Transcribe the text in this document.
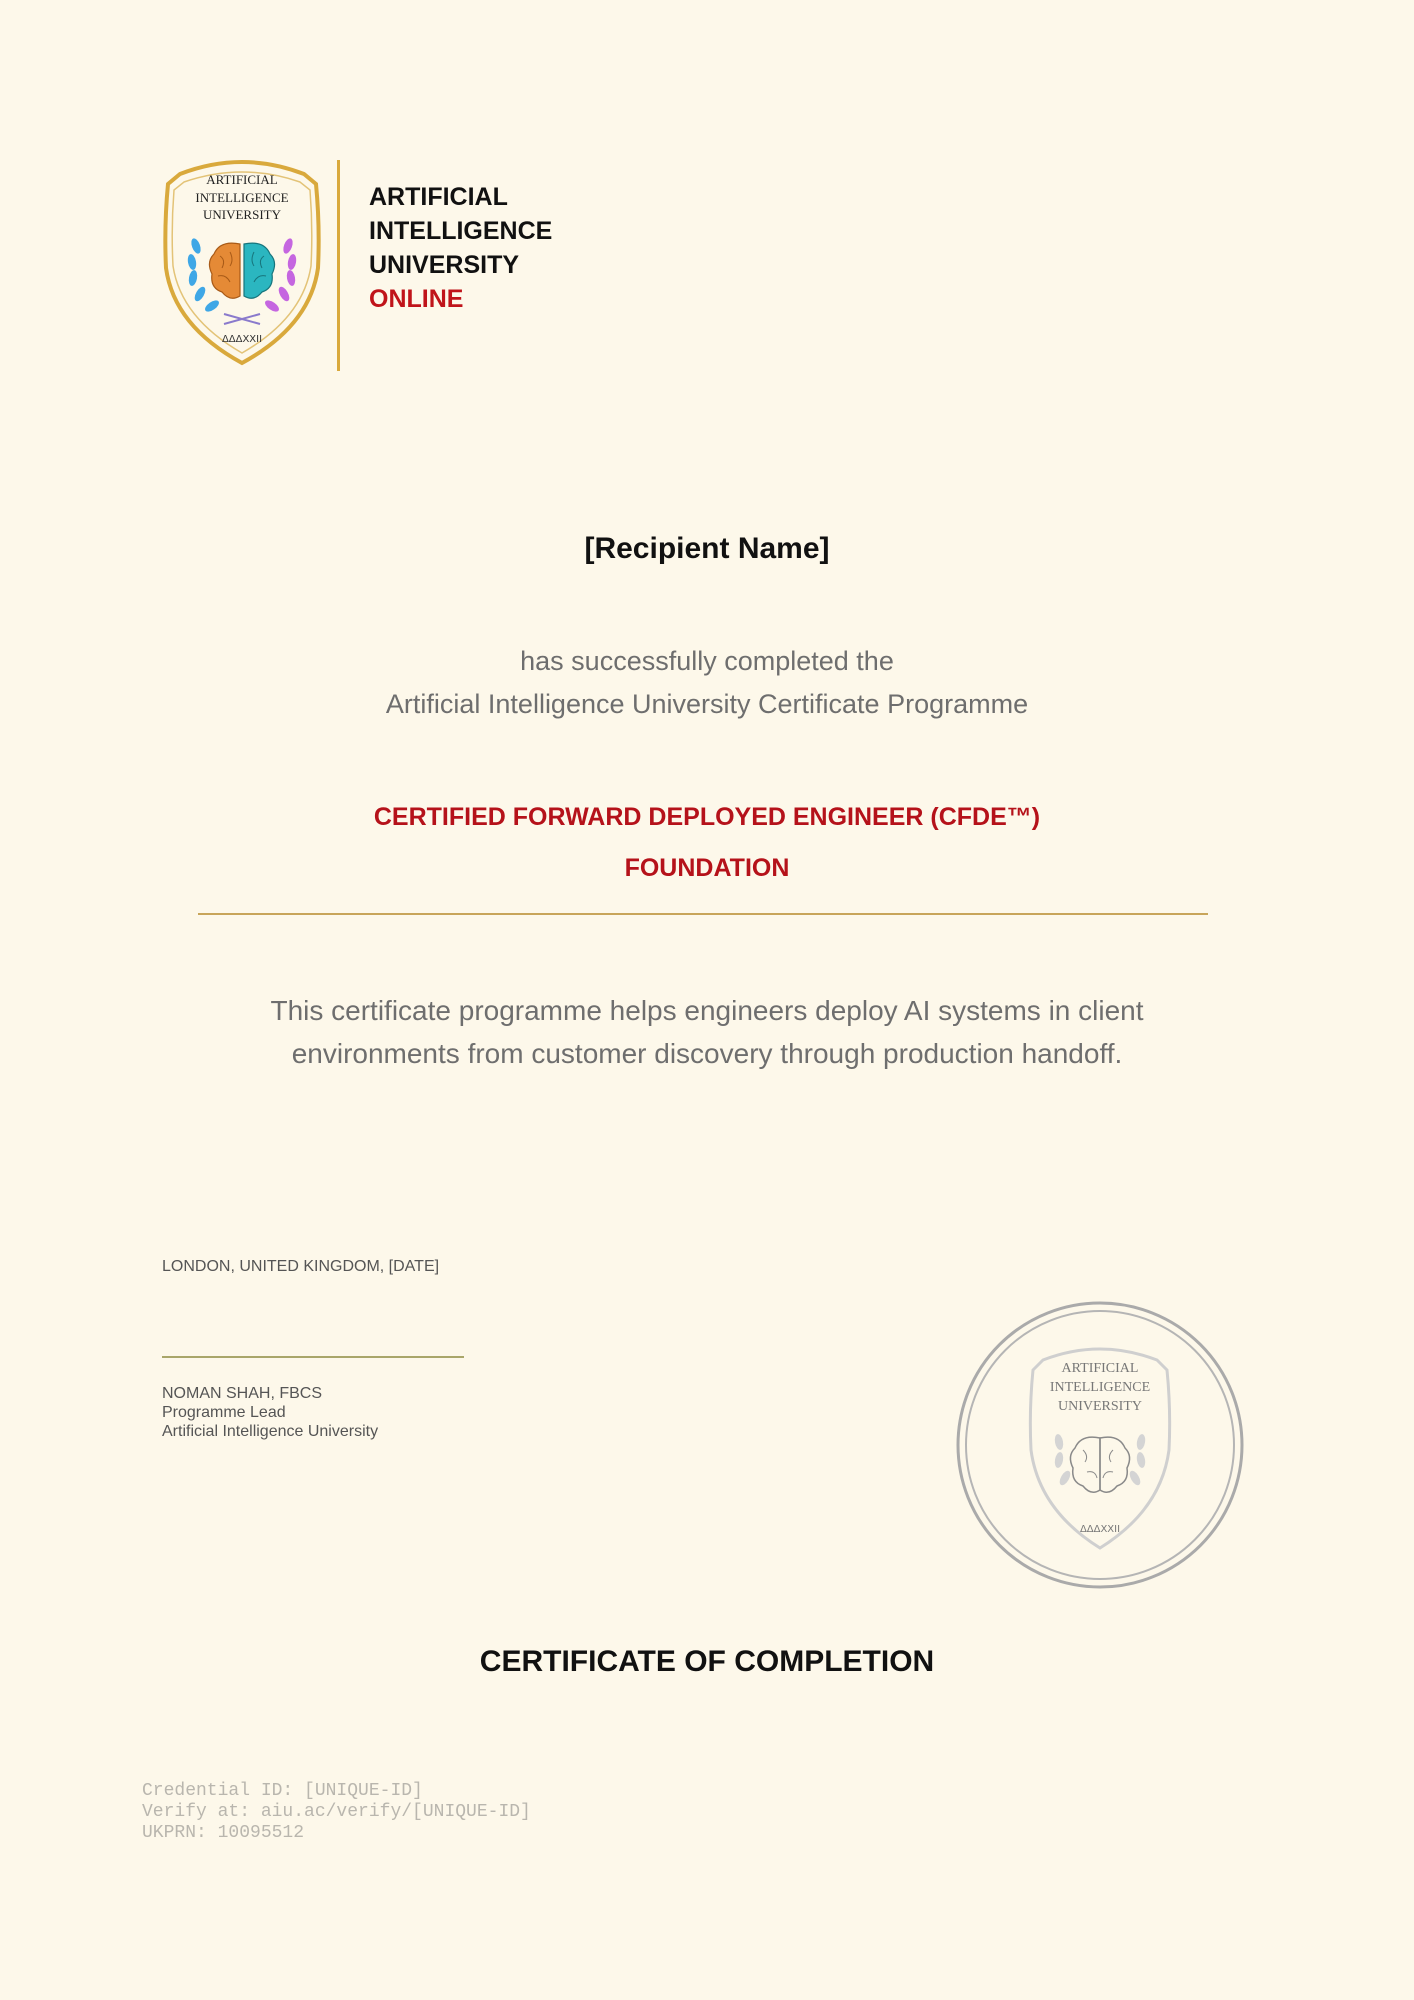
ARTIFICIAL
INTELLIGENCE
UNIVERSITY
ΔΔΔΧΧII
ARTIFICIAL
INTELLIGENCE
UNIVERSITY
ONLINE
[Recipient Name]
has successfully completed the
Artificial Intelligence University Certificate Programme
CERTIFIED FORWARD DEPLOYED ENGINEER (CFDE™)
FOUNDATION
This certificate programme helps engineers deploy AI systems in client environments from customer discovery through production handoff.
LONDON, UNITED KINGDOM, [DATE]
NOMAN SHAH, FBCS
Programme Lead
Artificial Intelligence University
ARTIFICIAL
INTELLIGENCE
UNIVERSITY
ΔΔΔΧΧII
CERTIFICATE OF COMPLETION
Credential ID: [UNIQUE-ID]
Verify at: aiu.ac/verify/[UNIQUE-ID]
UKPRN: 10095512
